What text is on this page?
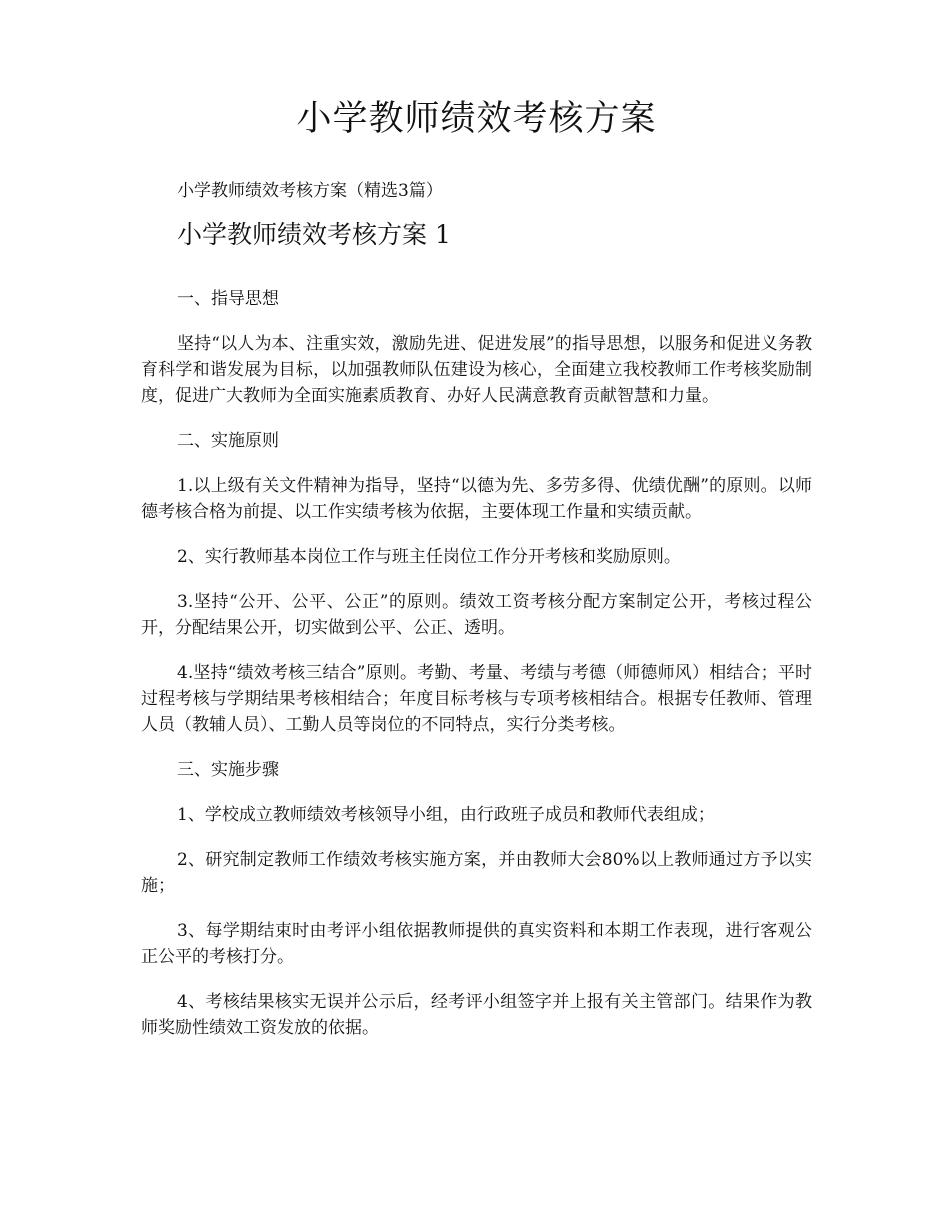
小学教师绩效考核方案

小学教师绩效考核方案（精选3篇）

小学教师绩效考核方案 1

一、指导思想

坚持“以人为本、注重实效，激励先进、促进发展”的指导思想，以服务和促进义务教育科学和谐发展为目标，以加强教师队伍建设为核心，全面建立我校教师工作考核奖励制度，促进广大教师为全面实施素质教育、办好人民满意教育贡献智慧和力量。

二、实施原则

1.以上级有关文件精神为指导，坚持“以德为先、多劳多得、优绩优酬”的原则。以师德考核合格为前提、以工作实绩考核为依据，主要体现工作量和实绩贡献。

2、实行教师基本岗位工作与班主任岗位工作分开考核和奖励原则。

3.坚持“公开、公平、公正”的原则。绩效工资考核分配方案制定公开，考核过程公开，分配结果公开，切实做到公平、公正、透明。

4.坚持“绩效考核三结合”原则。考勤、考量、考绩与考德（师德师风）相结合；平时过程考核与学期结果考核相结合；年度目标考核与专项考核相结合。根据专任教师、管理人员（教辅人员）、工勤人员等岗位的不同特点，实行分类考核。

三、实施步骤

1、学校成立教师绩效考核领导小组，由行政班子成员和教师代表组成；

2、研究制定教师工作绩效考核实施方案，并由教师大会80%以上教师通过方予以实施；

3、每学期结束时由考评小组依据教师提供的真实资料和本期工作表现，进行客观公正公平的考核打分。

4、考核结果核实无误并公示后，经考评小组签字并上报有关主管部门。结果作为教师奖励性绩效工资发放的依据。
